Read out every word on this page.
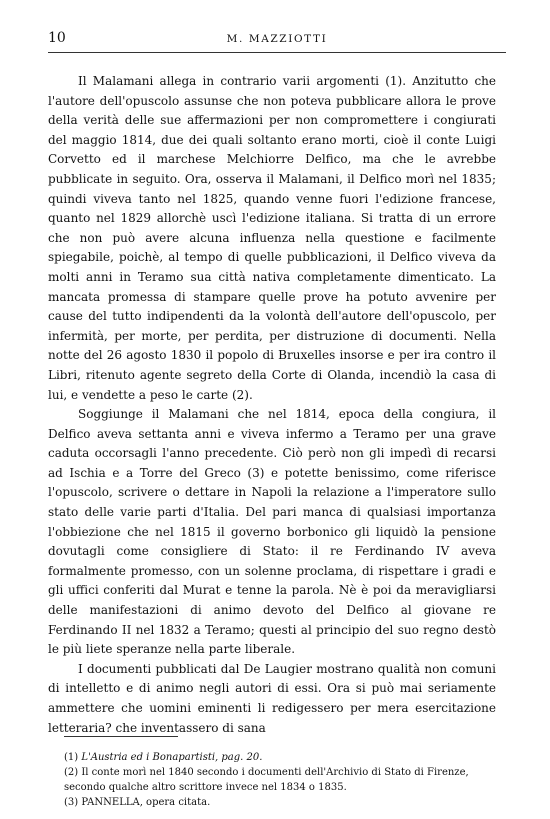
10	M. MAZZIOTTI

Il Malamani allega in contrario varii argomenti (1). Anzitutto che l'autore dell'opuscolo assunse che non poteva pubblicare allora le prove della verità delle sue affermazioni per non compromettere i congiurati del maggio 1814, due dei quali soltanto erano morti, cioè il conte Luigi Corvetto ed il marchese Melchiorre Delfico, ma che le avrebbe pubblicate in seguito. Ora, osserva il Malamani, il Delfico morì nel 1835; quindi viveva tanto nel 1825, quando venne fuori l'edizione francese, quanto nel 1829 allorchè uscì l'edizione italiana. Si tratta di un errore che non può avere alcuna influenza nella questione e facilmente spiegabile, poichè, al tempo di quelle pubblicazioni, il Delfico viveva da molti anni in Teramo sua città nativa completamente dimenticato. La mancata promessa di stampare quelle prove ha potuto avvenire per cause del tutto indipendenti da la volontà dell'autore dell'opuscolo, per infermità, per morte, per perdita, per distruzione di documenti. Nella notte del 26 agosto 1830 il popolo di Bruxelles insorse e per ira contro il Libri, ritenuto agente segreto della Corte di Olanda, incendiò la casa di lui, e vendette a peso le carte (2).

Soggiunge il Malamani che nel 1814, epoca della congiura, il Delfico aveva settanta anni e viveva infermo a Teramo per una grave caduta occorsagli l'anno precedente. Ciò però non gli impedì di recarsi ad Ischia e a Torre del Greco (3) e potette benissimo, come riferisce l'opuscolo, scrivere o dettare in Napoli la relazione a l'imperatore sullo stato delle varie parti d'Italia. Del pari manca di qualsiasi importanza l'obbiezione che nel 1815 il governo borbonico gli liquidò la pensione dovutagli come consigliere di Stato: il re Ferdinando IV aveva formalmente promesso, con un solenne proclama, di rispettare i gradi e gli uffici conferiti dal Murat e tenne la parola. Nè è poi da meravigliarsi delle manifestazioni di animo devoto del Delfico al giovane re Ferdinando II nel 1832 a Teramo; questi al principio del suo regno destò le più liete speranze nella parte liberale.

I documenti pubblicati dal De Laugier mostrano qualità non comuni di intelletto e di animo negli autori di essi. Ora si può mai seriamente ammettere che uomini eminenti li redigessero per mera esercitazione letteraria? che inventassero di sana

(1) L'Austria ed i Bonapartisti, pag. 20.
(2) Il conte morì nel 1840 secondo i documenti dell'Archivio di Stato di Firenze, secondo qualche altro scrittore invece nel 1834 o 1835.
(3) PANNELLA, opera citata.
